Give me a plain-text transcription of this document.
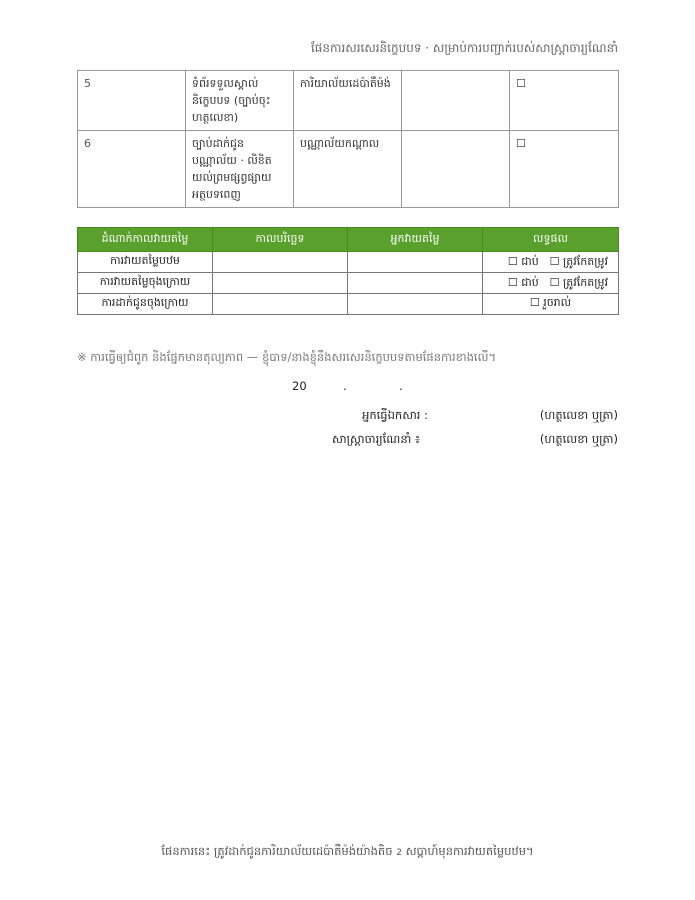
ផែនការសរសេរនិក្ខេបបទ · សម្រាប់ការបញ្ជាក់របស់សាស្ត្រាចារ្យណែនាំ
5	ទំព័រទទួលស្គាល់និក្ខេបបទ (ច្បាប់ចុះហត្ថលេខា)	ការិយាល័យដេប៉ាតឺម៉ង់		☐
6	ច្បាប់ដាក់ជូនបណ្ណាល័យ · លិខិតយល់ព្រមផ្សព្វផ្សាយអត្ថបទពេញ	បណ្ណាល័យកណ្ដាល		☐
ដំណាក់កាលវាយតម្លៃ	កាលបរិច្ឆេទ	អ្នកវាយតម្លៃ	លទ្ធផល
ការវាយតម្លៃបឋម			☐ ជាប់　☐ ត្រូវកែតម្រូវ
ការវាយតម្លៃចុងក្រោយ			☐ ជាប់　☐ ត្រូវកែតម្រូវ
ការដាក់ជូនចុងក្រោយ			☐ រួចរាល់
※ ការធ្វើឲ្យជំពូក និងផ្នែកមានតុល្យភាព — ខ្ញុំបាទ/នាងខ្ញុំនឹងសរសេរនិក្ខេបបទតាមផែនការខាងលើ។
20	.	.
អ្នកធ្វើឯកសារ :	(ហត្ថលេខា ឬត្រា)
សាស្ត្រាចារ្យណែនាំ ៖	(ហត្ថលេខា ឬត្រា)
ផែនការនេះ ត្រូវដាក់ជូនការិយាល័យដេប៉ាតឺម៉ង់យ៉ាងតិច 2 សប្ដាហ៍មុនការវាយតម្លៃបឋម។
